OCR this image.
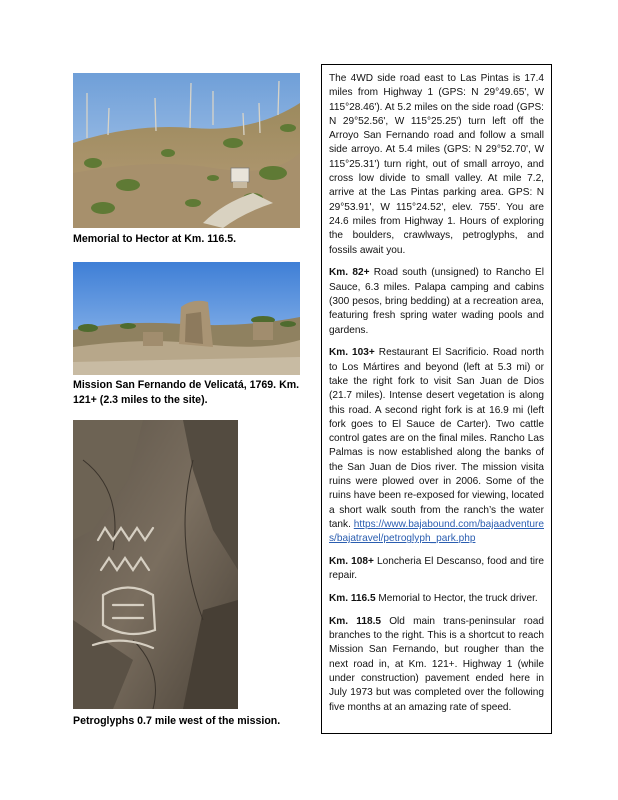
Memorial to Hector at Km. 116.5.
Mission San Fernando de Velicatá, 1769. Km. 121+ (2.3 miles to the site).
Petroglyphs 0.7 mile west of the mission.

The 4WD side road east to Las Pintas is 17.4 miles from Highway 1 (GPS: N 29°49.65', W 115°28.46'). At 5.2 miles on the side road (GPS: N 29°52.56', W 115°25.25') turn left off the Arroyo San Fernando road and follow a small side arroyo. At 5.4 miles (GPS: N 29°52.70', W 115°25.31') turn right, out of small arroyo, and cross low divide to small valley. At mile 7.2, arrive at the Las Pintas parking area. GPS: N 29°53.91', W 115°24.52', elev. 755'. You are 24.6 miles from Highway 1. Hours of exploring the boulders, crawlways, petroglyphs, and fossils await you.

Km. 82+ Road south (unsigned) to Rancho El Sauce, 6.3 miles. Palapa camping and cabins (300 pesos, bring bedding) at a recreation area, featuring fresh spring water wading pools and gardens.

Km. 103+ Restaurant El Sacrificio. Road north to Los Mártires and beyond (left at 5.3 mi) or take the right fork to visit San Juan de Dios (21.7 miles). Intense desert vegetation is along this road. A second right fork is at 16.9 mi (left fork goes to El Sauce de Carter). Two cattle control gates are on the final miles. Rancho Las Palmas is now established along the banks of the San Juan de Dios river. The mission visita ruins were plowed over in 2006. Some of the ruins have been re-exposed for viewing, located a short walk south from the ranch’s the water tank. https://www.bajabound.com/bajaadventures/bajatravel/petroglyph_park.php

Km. 108+ Loncheria El Descanso, food and tire repair.

Km. 116.5 Memorial to Hector, the truck driver.

Km. 118.5 Old main trans-peninsular road branches to the right. This is a shortcut to reach Mission San Fernando, but rougher than the next road in, at Km. 121+. Highway 1 (while under construction) pavement ended here in July 1973 but was completed over the following five months at an amazing rate of speed.
